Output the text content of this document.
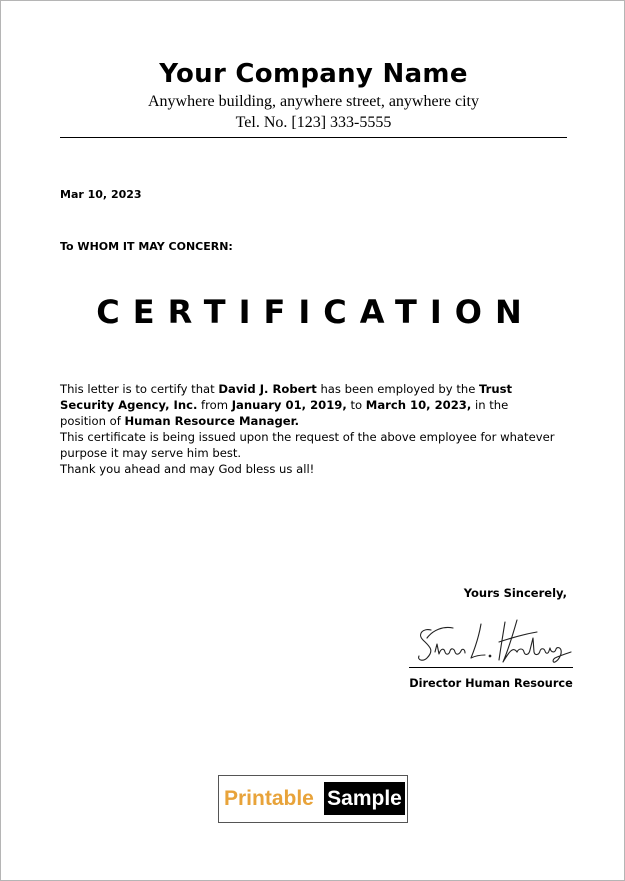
Your Company Name
Anywhere building, anywhere street, anywhere city
Tel. No. [123] 333-5555
Mar 10, 2023
To WHOM IT MAY CONCERN:
CERTIFICATION

This letter is to certify that David J. Robert has been employed by the Trust Security Agency, Inc. from January 01, 2019, to March 10, 2023, in the position of Human Resource Manager.

This certificate is being issued upon the request of the above employee for whatever purpose it may serve him best.

Thank you ahead and may God bless us all!

Yours Sincerely,
Director Human Resource
Printable Sample
